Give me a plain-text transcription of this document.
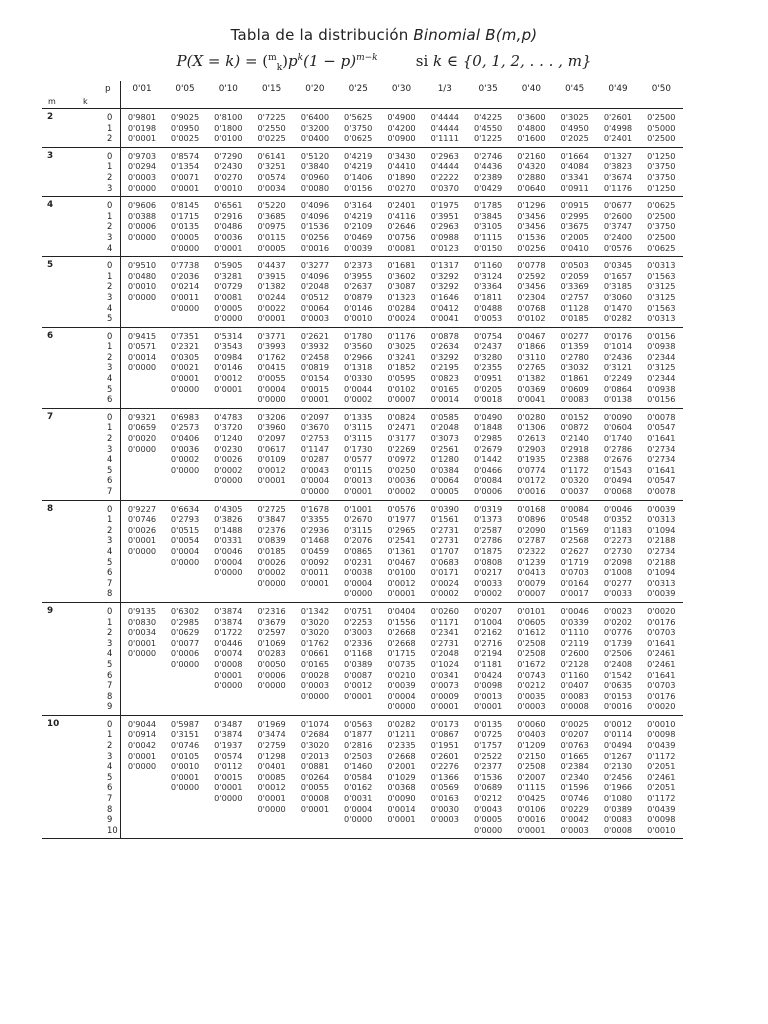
Tabla de la distribución Binomial B(m,p)
$P(X = k) = (^m_k)p^k(1 - p)^{m-k}$	si k ∈ {0, 1, 2, . . . , m}
	p	0'01	0'05	0'10	0'15	0'20	0'25	0'30	1/3	0'35	0'40	0'45	0'49	0'50
m	k													
2	0	0'9801	0'9025	0'8100	0'7225	0'6400	0'5625	0'4900	0'4444	0'4225	0'3600	0'3025	0'2601	0'2500
	1	0'0198	0'0950	0'1800	0'2550	0'3200	0'3750	0'4200	0'4444	0'4550	0'4800	0'4950	0'4998	0'5000
	2	0'0001	0'0025	0'0100	0'0225	0'0400	0'0625	0'0900	0'1111	0'1225	0'1600	0'2025	0'2401	0'2500
3	0	0'9703	0'8574	0'7290	0'6141	0'5120	0'4219	0'3430	0'2963	0'2746	0'2160	0'1664	0'1327	0'1250
	1	0'0294	0'1354	0'2430	0'3251	0'3840	0'4219	0'4410	0'4444	0'4436	0'4320	0'4084	0'3823	0'3750
	2	0'0003	0'0071	0'0270	0'0574	0'0960	0'1406	0'1890	0'2222	0'2389	0'2880	0'3341	0'3674	0'3750
	3	0'0000	0'0001	0'0010	0'0034	0'0080	0'0156	0'0270	0'0370	0'0429	0'0640	0'0911	0'1176	0'1250
4	0	0'9606	0'8145	0'6561	0'5220	0'4096	0'3164	0'2401	0'1975	0'1785	0'1296	0'0915	0'0677	0'0625
	1	0'0388	0'1715	0'2916	0'3685	0'4096	0'4219	0'4116	0'3951	0'3845	0'3456	0'2995	0'2600	0'2500
	2	0'0006	0'0135	0'0486	0'0975	0'1536	0'2109	0'2646	0'2963	0'3105	0'3456	0'3675	0'3747	0'3750
	3	0'0000	0'0005	0'0036	0'0115	0'0256	0'0469	0'0756	0'0988	0'1115	0'1536	0'2005	0'2400	0'2500
	4		0'0000	0'0001	0'0005	0'0016	0'0039	0'0081	0'0123	0'0150	0'0256	0'0410	0'0576	0'0625
5	0	0'9510	0'7738	0'5905	0'4437	0'3277	0'2373	0'1681	0'1317	0'1160	0'0778	0'0503	0'0345	0'0313
	1	0'0480	0'2036	0'3281	0'3915	0'4096	0'3955	0'3602	0'3292	0'3124	0'2592	0'2059	0'1657	0'1563
	2	0'0010	0'0214	0'0729	0'1382	0'2048	0'2637	0'3087	0'3292	0'3364	0'3456	0'3369	0'3185	0'3125
	3	0'0000	0'0011	0'0081	0'0244	0'0512	0'0879	0'1323	0'1646	0'1811	0'2304	0'2757	0'3060	0'3125
	4		0'0000	0'0005	0'0022	0'0064	0'0146	0'0284	0'0412	0'0488	0'0768	0'1128	0'1470	0'1563
	5			0'0000	0'0001	0'0003	0'0010	0'0024	0'0041	0'0053	0'0102	0'0185	0'0282	0'0313
6	0	0'9415	0'7351	0'5314	0'3771	0'2621	0'1780	0'1176	0'0878	0'0754	0'0467	0'0277	0'0176	0'0156
	1	0'0571	0'2321	0'3543	0'3993	0'3932	0'3560	0'3025	0'2634	0'2437	0'1866	0'1359	0'1014	0'0938
	2	0'0014	0'0305	0'0984	0'1762	0'2458	0'2966	0'3241	0'3292	0'3280	0'3110	0'2780	0'2436	0'2344
	3	0'0000	0'0021	0'0146	0'0415	0'0819	0'1318	0'1852	0'2195	0'2355	0'2765	0'3032	0'3121	0'3125
	4		0'0001	0'0012	0'0055	0'0154	0'0330	0'0595	0'0823	0'0951	0'1382	0'1861	0'2249	0'2344
	5		0'0000	0'0001	0'0004	0'0015	0'0044	0'0102	0'0165	0'0205	0'0369	0'0609	0'0864	0'0938
	6				0'0000	0'0001	0'0002	0'0007	0'0014	0'0018	0'0041	0'0083	0'0138	0'0156
7	0	0'9321	0'6983	0'4783	0'3206	0'2097	0'1335	0'0824	0'0585	0'0490	0'0280	0'0152	0'0090	0'0078
	1	0'0659	0'2573	0'3720	0'3960	0'3670	0'3115	0'2471	0'2048	0'1848	0'1306	0'0872	0'0604	0'0547
	2	0'0020	0'0406	0'1240	0'2097	0'2753	0'3115	0'3177	0'3073	0'2985	0'2613	0'2140	0'1740	0'1641
	3	0'0000	0'0036	0'0230	0'0617	0'1147	0'1730	0'2269	0'2561	0'2679	0'2903	0'2918	0'2786	0'2734
	4		0'0002	0'0026	0'0109	0'0287	0'0577	0'0972	0'1280	0'1442	0'1935	0'2388	0'2676	0'2734
	5		0'0000	0'0002	0'0012	0'0043	0'0115	0'0250	0'0384	0'0466	0'0774	0'1172	0'1543	0'1641
	6			0'0000	0'0001	0'0004	0'0013	0'0036	0'0064	0'0084	0'0172	0'0320	0'0494	0'0547
	7					0'0000	0'0001	0'0002	0'0005	0'0006	0'0016	0'0037	0'0068	0'0078
8	0	0'9227	0'6634	0'4305	0'2725	0'1678	0'1001	0'0576	0'0390	0'0319	0'0168	0'0084	0'0046	0'0039
	1	0'0746	0'2793	0'3826	0'3847	0'3355	0'2670	0'1977	0'1561	0'1373	0'0896	0'0548	0'0352	0'0313
	2	0'0026	0'0515	0'1488	0'2376	0'2936	0'3115	0'2965	0'2731	0'2587	0'2090	0'1569	0'1183	0'1094
	3	0'0001	0'0054	0'0331	0'0839	0'1468	0'2076	0'2541	0'2731	0'2786	0'2787	0'2568	0'2273	0'2188
	4	0'0000	0'0004	0'0046	0'0185	0'0459	0'0865	0'1361	0'1707	0'1875	0'2322	0'2627	0'2730	0'2734
	5		0'0000	0'0004	0'0026	0'0092	0'0231	0'0467	0'0683	0'0808	0'1239	0'1719	0'2098	0'2188
	6			0'0000	0'0002	0'0011	0'0038	0'0100	0'0171	0'0217	0'0413	0'0703	0'1008	0'1094
	7				0'0000	0'0001	0'0004	0'0012	0'0024	0'0033	0'0079	0'0164	0'0277	0'0313
	8						0'0000	0'0001	0'0002	0'0002	0'0007	0'0017	0'0033	0'0039
9	0	0'9135	0'6302	0'3874	0'2316	0'1342	0'0751	0'0404	0'0260	0'0207	0'0101	0'0046	0'0023	0'0020
	1	0'0830	0'2985	0'3874	0'3679	0'3020	0'2253	0'1556	0'1171	0'1004	0'0605	0'0339	0'0202	0'0176
	2	0'0034	0'0629	0'1722	0'2597	0'3020	0'3003	0'2668	0'2341	0'2162	0'1612	0'1110	0'0776	0'0703
	3	0'0001	0'0077	0'0446	0'1069	0'1762	0'2336	0'2668	0'2731	0'2716	0'2508	0'2119	0'1739	0'1641
	4	0'0000	0'0006	0'0074	0'0283	0'0661	0'1168	0'1715	0'2048	0'2194	0'2508	0'2600	0'2506	0'2461
	5		0'0000	0'0008	0'0050	0'0165	0'0389	0'0735	0'1024	0'1181	0'1672	0'2128	0'2408	0'2461
	6			0'0001	0'0006	0'0028	0'0087	0'0210	0'0341	0'0424	0'0743	0'1160	0'1542	0'1641
	7			0'0000	0'0000	0'0003	0'0012	0'0039	0'0073	0'0098	0'0212	0'0407	0'0635	0'0703
	8					0'0000	0'0001	0'0004	0'0009	0'0013	0'0035	0'0083	0'0153	0'0176
	9							0'0000	0'0001	0'0001	0'0003	0'0008	0'0016	0'0020
10	0	0'9044	0'5987	0'3487	0'1969	0'1074	0'0563	0'0282	0'0173	0'0135	0'0060	0'0025	0'0012	0'0010
	1	0'0914	0'3151	0'3874	0'3474	0'2684	0'1877	0'1211	0'0867	0'0725	0'0403	0'0207	0'0114	0'0098
	2	0'0042	0'0746	0'1937	0'2759	0'3020	0'2816	0'2335	0'1951	0'1757	0'1209	0'0763	0'0494	0'0439
	3	0'0001	0'0105	0'0574	0'1298	0'2013	0'2503	0'2668	0'2601	0'2522	0'2150	0'1665	0'1267	0'1172
	4	0'0000	0'0010	0'0112	0'0401	0'0881	0'1460	0'2001	0'2276	0'2377	0'2508	0'2384	0'2130	0'2051
	5		0'0001	0'0015	0'0085	0'0264	0'0584	0'1029	0'1366	0'1536	0'2007	0'2340	0'2456	0'2461
	6		0'0000	0'0001	0'0012	0'0055	0'0162	0'0368	0'0569	0'0689	0'1115	0'1596	0'1966	0'2051
	7			0'0000	0'0001	0'0008	0'0031	0'0090	0'0163	0'0212	0'0425	0'0746	0'1080	0'1172
	8				0'0000	0'0001	0'0004	0'0014	0'0030	0'0043	0'0106	0'0229	0'0389	0'0439
	9						0'0000	0'0001	0'0003	0'0005	0'0016	0'0042	0'0083	0'0098
	10									0'0000	0'0001	0'0003	0'0008	0'0010
